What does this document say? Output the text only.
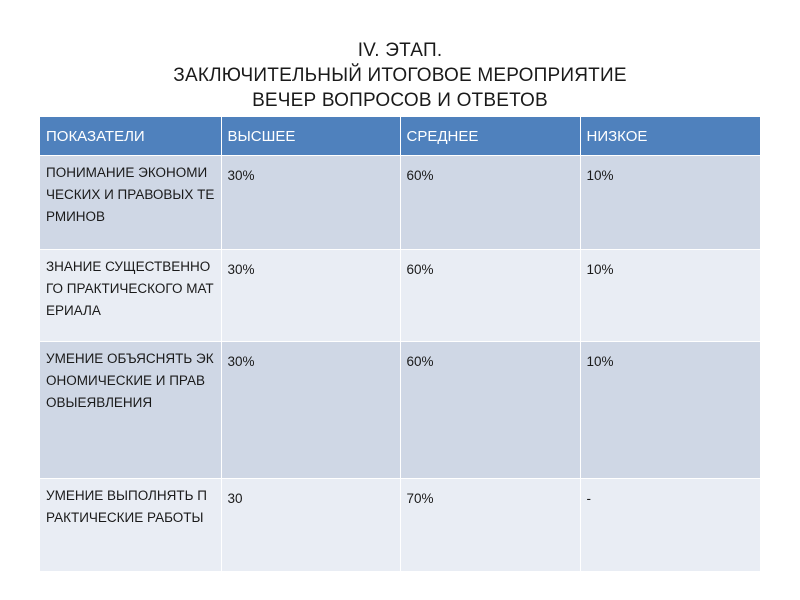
IV. ЭТАП.
ЗАКЛЮЧИТЕЛЬНЫЙ ИТОГОВОЕ МЕРОПРИЯТИЕ
ВЕЧЕР ВОПРОСОВ И ОТВЕТОВ
ПОКАЗАТЕЛИ	ВЫСШЕЕ	СРЕДНЕЕ	НИЗКОЕ
ПОНИМАНИЕ ЭКОНОМИЧЕСКИХ И ПРАВОВЫХ ТЕРМИНОВ	30%	60%	10%
ЗНАНИЕ СУЩЕСТВЕННОГО ПРАКТИЧЕСКОГО МАТЕРИАЛА	30%	60%	10%
УМЕНИЕ ОБЪЯСНЯТЬ ЭКОНОМИЧЕСКИЕ И ПРАВОВЫЕЯВЛЕНИЯ	30%	60%	10%
УМЕНИЕ ВЫПОЛНЯТЬ ПРАКТИЧЕСКИЕ РАБОТЫ	30	70%	-
